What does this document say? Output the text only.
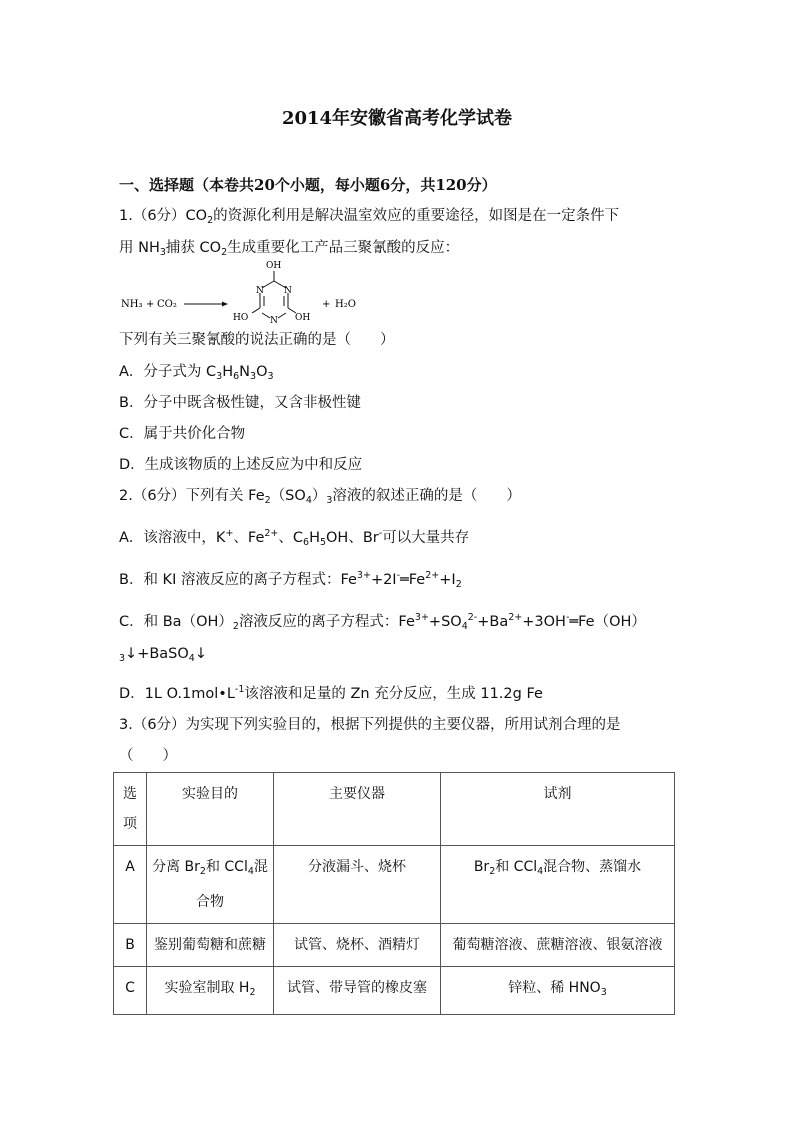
2014年安徽省高考化学试卷
一、选择题（本卷共20个小题，每小题6分，共120分）
1.（6分）$CO_2$的资源化利用是解决温室效应的重要途径，如图是在一定条件下
用 $NH_3$捕获 $CO_2$生成重要化工产品三聚氰酸的反应：
NH₃ + CO₂
OH
N N
N
HO	OH
+ H₂O
下列有关三聚氰酸的说法正确的是（　　）
A．分子式为 $C_3H_6N_3O_3$
B．分子中既含极性键，又含非极性键
C．属于共价化合物
D．生成该物质的上述反应为中和反应
2.（6分）下列有关 $Fe_2(SO_4)_3$溶液的叙述正确的是（　　）
A．该溶液中，K+、$Fe^{2+}$、$C_6H_5OH$、Br-可以大量共存
B．和 KI 溶液反应的离子方程式：$Fe^{3+}+2I^-═Fe^{2+}+I_2$
C．和 $Ba(OH)_2$溶液反应的离子方程式：$Fe^{3+}+SO_4^{2-}+Ba^{2+}+3OH^-═Fe(OH)$
$_3$↓+BaSO$_4$↓
D．1L $O.1mol•L^{-1}$该溶液和足量的 Zn 充分反应，生成 11.2g Fe
3.（6分）为实现下列实验目的，根据下列提供的主要仪器，所用试剂合理的是
（　　）
选项	实验目的	主要仪器	试剂
A	分离 $Br_2$和 CCl$_4$混合物	分液漏斗、烧杯	$Br_2$和 CCl$_4$混合物、蒸馏水
B	鉴别葡萄糖和蔗糖	试管、烧杯、酒精灯	葡萄糖溶液、蔗糖溶液、银氨溶液
C	实验室制取 $H_2$	试管、带导管的橡皮塞	锌粒、稀 $HNO_3$
